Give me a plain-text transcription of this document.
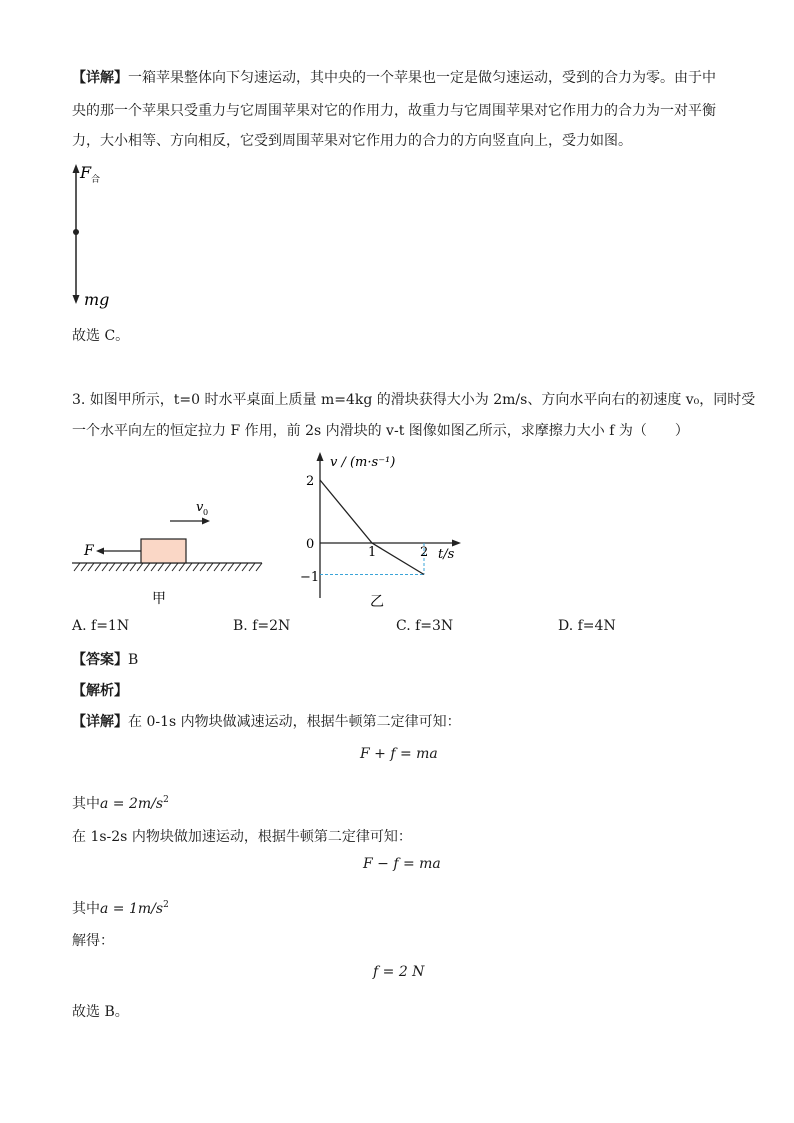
【详解】一箱苹果整体向下匀速运动，其中央的一个苹果也一定是做匀速运动，受到的合力为零。由于中
央的那一个苹果只受重力与它周围苹果对它的作用力，故重力与它周围苹果对它作用力的合力为一对平衡
力，大小相等、方向相反，它受到周围苹果对它作用力的合力的方向竖直向上，受力如图。
F 合
mg
故选 C。
3. 如图甲所示，t=0 时水平桌面上质量 m=4kg 的滑块获得大小为 2m/s、方向水平向右的初速度 v₀，同时受
一个水平向左的恒定拉力 F 作用，前 2s 内滑块的 v-t 图像如图乙所示，求摩擦力大小 f 为（　　）
F
v 0
甲
v / (m·s⁻¹)
t/s
2
0
−1
1	2
乙
A. f=1N	B. f=2N	C. f=3N	D. f=4N
【答案】B
【解析】
【详解】在 0-1s 内物块做减速运动，根据牛顿第二定律可知：
F + f = ma
其中$a = 2m/s^2$
在 1s-2s 内物块做加速运动，根据牛顿第二定律可知：
F − f = ma
其中$a = 1m/s^2$
解得：
f = 2 N
故选 B。
